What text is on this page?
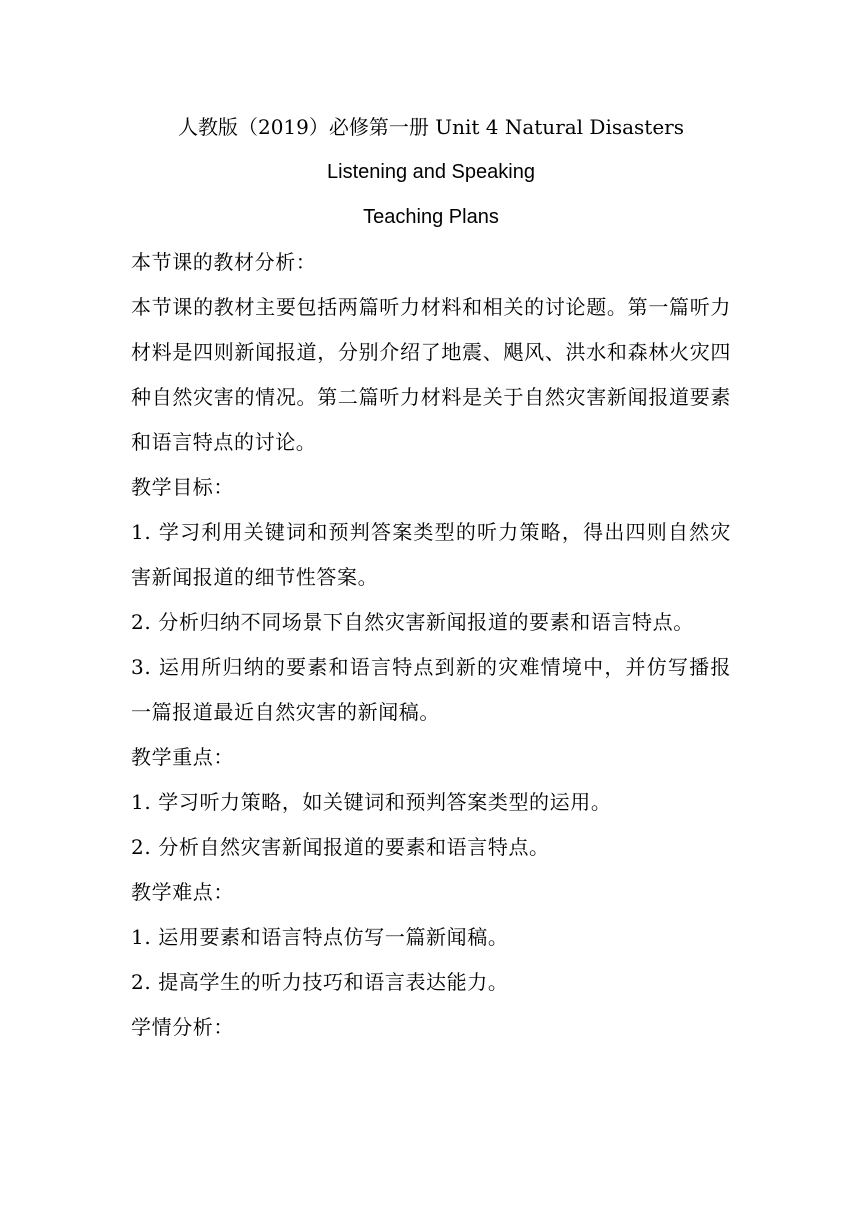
人教版（2019）必修第一册 Unit 4 Natural Disasters
Listening and Speaking
Teaching Plans
本节课的教材分析：
本节课的教材主要包括两篇听力材料和相关的讨论题。第一篇听力材料是四则新闻报道，分别介绍了地震、飓风、洪水和森林火灾四种自然灾害的情况。第二篇听力材料是关于自然灾害新闻报道要素和语言特点的讨论。
教学目标：
1. 学习利用关键词和预判答案类型的听力策略，得出四则自然灾害新闻报道的细节性答案。
2. 分析归纳不同场景下自然灾害新闻报道的要素和语言特点。
3. 运用所归纳的要素和语言特点到新的灾难情境中，并仿写播报一篇报道最近自然灾害的新闻稿。
教学重点：
1. 学习听力策略，如关键词和预判答案类型的运用。
2. 分析自然灾害新闻报道的要素和语言特点。
教学难点：
1. 运用要素和语言特点仿写一篇新闻稿。
2. 提高学生的听力技巧和语言表达能力。
学情分析：
